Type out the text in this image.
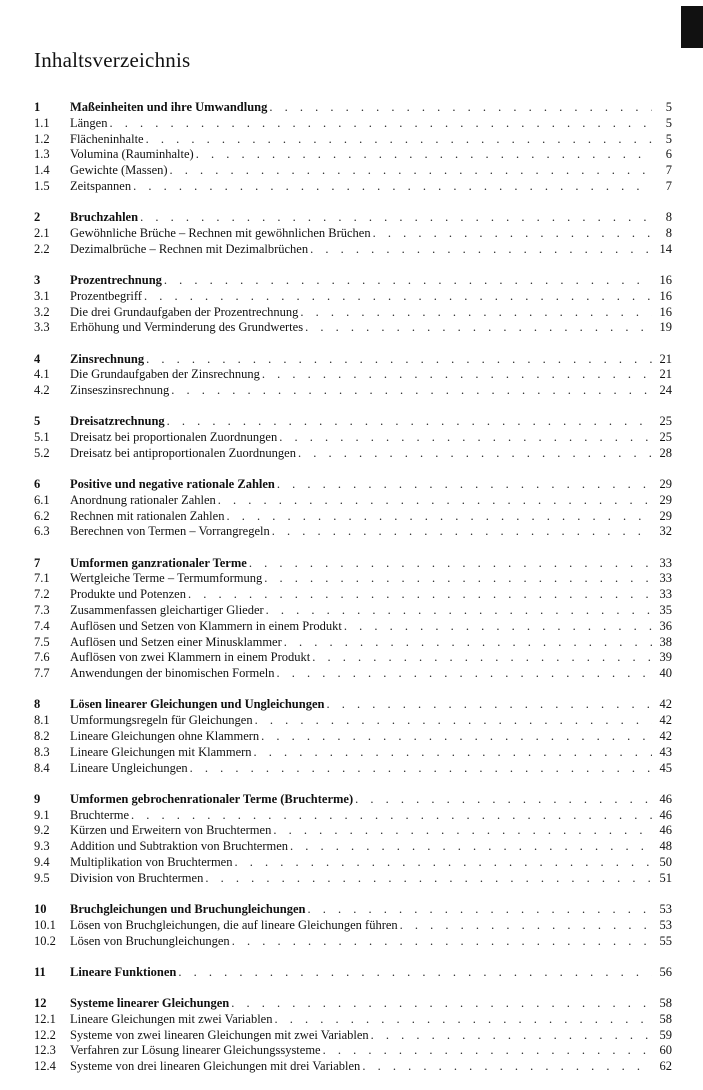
Inhaltsverzeichnis
1	Maßeinheiten und ihre Umwandlung . . .	5
1.1	Längen . . .	5
1.2	Flächeninhalte . . .	5
1.3	Volumina (Rauminhalte) . . .	6
1.4	Gewichte (Massen) . . .	7
1.5	Zeitspannen . . .	7
2	Bruchzahlen . . .	8
2.1	Gewöhnliche Brüche – Rechnen mit gewöhnlichen Brüchen . . .	8
2.2	Dezimalbrüche – Rechnen mit Dezimalbrüchen . . .	14
3	Prozentrechnung . . .	16
3.1	Prozentbegriff . . .	16
3.2	Die drei Grundaufgaben der Prozentrechnung . . .	16
3.3	Erhöhung und Verminderung des Grundwertes . . .	19
4	Zinsrechnung . . .	21
4.1	Die Grundaufgaben der Zinsrechnung . . .	21
4.2	Zinseszinsrechnung . . .	24
5	Dreisatzrechnung . . .	25
5.1	Dreisatz bei proportionalen Zuordnungen . . .	25
5.2	Dreisatz bei antiproportionalen Zuordnungen . . .	28
6	Positive und negative rationale Zahlen . . .	29
6.1	Anordnung rationaler Zahlen . . .	29
6.2	Rechnen mit rationalen Zahlen . . .	29
6.3	Berechnen von Termen – Vorrangregeln . . .	32
7	Umformen ganzrationaler Terme . . .	33
7.1	Wertgleiche Terme – Termumformung . . .	33
7.2	Produkte und Potenzen . . .	33
7.3	Zusammenfassen gleichartiger Glieder . . .	35
7.4	Auflösen und Setzen von Klammern in einem Produkt . . .	36
7.5	Auflösen und Setzen einer Minusklammer . . .	38
7.6	Auflösen von zwei Klammern in einem Produkt . . .	39
7.7	Anwendungen der binomischen Formeln . . .	40
8	Lösen linearer Gleichungen und Ungleichungen . . .	42
8.1	Umformungsregeln für Gleichungen . . .	42
8.2	Lineare Gleichungen ohne Klammern . . .	42
8.3	Lineare Gleichungen mit Klammern . . .	43
8.4	Lineare Ungleichungen . . .	45
9	Umformen gebrochenrationaler Terme (Bruchterme) . . .	46
9.1	Bruchterme . . .	46
9.2	Kürzen und Erweitern von Bruchtermen . . .	46
9.3	Addition und Subtraktion von Bruchtermen . . .	48
9.4	Multiplikation von Bruchtermen . . .	50
9.5	Division von Bruchtermen . . .	51
10	Bruchgleichungen und Bruchungleichungen . . .	53
10.1	Lösen von Bruchgleichungen, die auf lineare Gleichungen führen . . .	53
10.2	Lösen von Bruchungleichungen . . .	55
11	Lineare Funktionen . . .	56
12	Systeme linearer Gleichungen . . .	58
12.1	Lineare Gleichungen mit zwei Variablen . . .	58
12.2	Systeme von zwei linearen Gleichungen mit zwei Variablen . . .	59
12.3	Verfahren zur Lösung linearer Gleichungssysteme . . .	60
12.4	Systeme von drei linearen Gleichungen mit drei Variablen . . .	62
